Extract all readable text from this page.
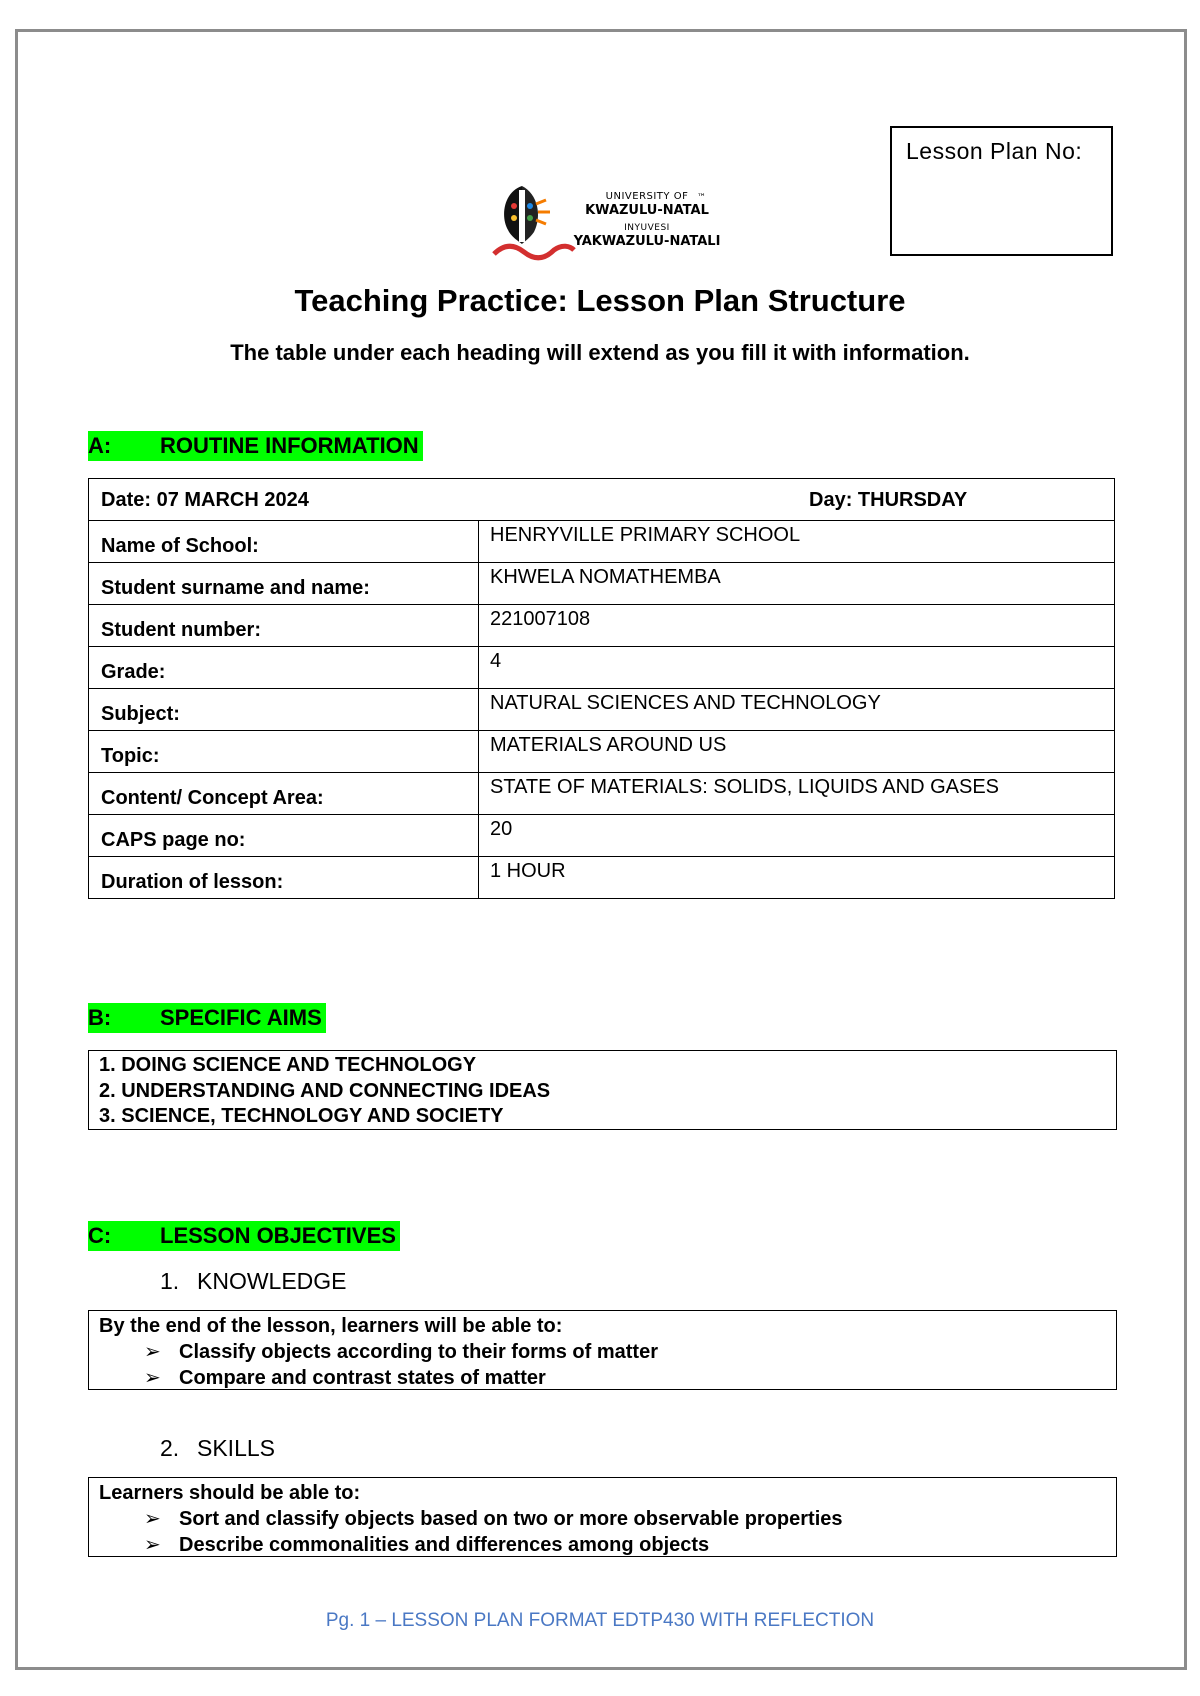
Lesson Plan No:
UNIVERSITY OF
KWAZULU-NATAL
INYUVESI
YAKWAZULU-NATALI
™
Teaching Practice: Lesson Plan Structure
The table under each heading will extend as you fill it with information.
A: ROUTINE INFORMATION
Date: 07 MARCH 2024 Day: THURSDAY	

Name of School:	HENRYVILLE PRIMARY SCHOOL
Student surname and name:	KHWELA NOMATHEMBA
Student number:	221007108
Grade:	4
Subject:	NATURAL SCIENCES AND TECHNOLOGY
Topic:	MATERIALS AROUND US
Content/ Concept Area:	STATE OF MATERIALS: SOLIDS, LIQUIDS AND GASES
CAPS page no:	20
Duration of lesson:	1 HOUR
B: SPECIFIC AIMS
1. DOING SCIENCE AND TECHNOLOGY
2. UNDERSTANDING AND CONNECTING IDEAS
3. SCIENCE, TECHNOLOGY AND SOCIETY
C: LESSON OBJECTIVES
1. KNOWLEDGE
By the end of the lesson, learners will be able to:
➢ Classify objects according to their forms of matter
➢ Compare and contrast states of matter
2. SKILLS
Learners should be able to:
➢ Sort and classify objects based on two or more observable properties
➢ Describe commonalities and differences among objects
Pg. 1 – LESSON PLAN FORMAT EDTP430 WITH REFLECTION
